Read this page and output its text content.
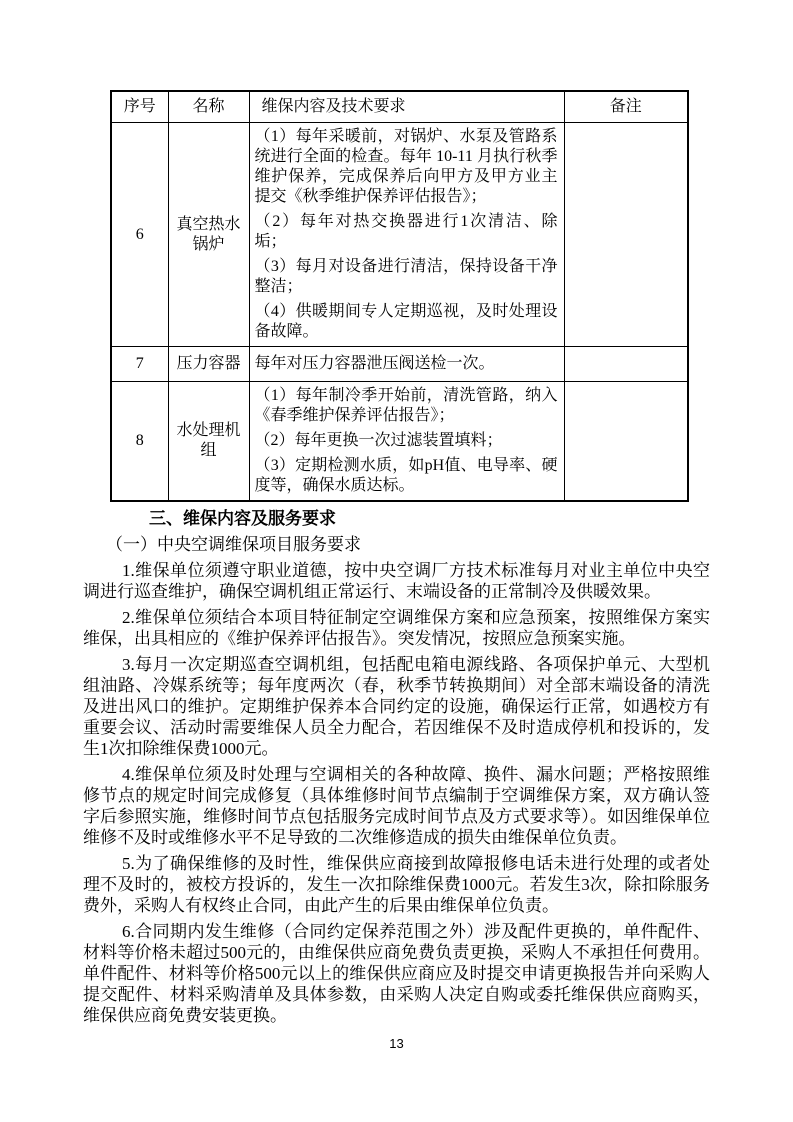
序号	名称	维保内容及技术要求	备注
6	真空热水锅炉	（1）每年采暖前，对锅炉、水泵及管路系统进行全面的检查。每年 10-11 月执行秋季维护保养，完成保养后向甲方及甲方业主提交《秋季维护保养评估报告》；

（2）每年对热交换器进行1次清洁、除垢；

（3）每月对设备进行清洁，保持设备干净整洁；

（4）供暖期间专人定期巡视，及时处理设备故障。	

7	压力容器	每年对压力容器泄压阀送检一次。	

8	水处理机组	（1）每年制冷季开始前，清洗管路，纳入《春季维护保养评估报告》；

（2）每年更换一次过滤装置填料；

（3）定期检测水质，如pH值、电导率、硬度等，确保水质达标。	

三、维保内容及服务要求

（一）中央空调维保项目服务要求

1.维保单位须遵守职业道德，按中央空调厂方技术标准每月对业主单位中央空调进行巡查维护，确保空调机组正常运行、末端设备的正常制冷及供暖效果。

2.维保单位须结合本项目特征制定空调维保方案和应急预案，按照维保方案实维保，出具相应的《维护保养评估报告》。突发情况，按照应急预案实施。

3.每月一次定期巡查空调机组，包括配电箱电源线路、各项保护单元、大型机组油路、冷媒系统等；每年度两次（春，秋季节转换期间）对全部末端设备的清洗及进出风口的维护。定期维护保养本合同约定的设施，确保运行正常，如遇校方有重要会议、活动时需要维保人员全力配合，若因维保不及时造成停机和投诉的，发生1次扣除维保费1000元。

4.维保单位须及时处理与空调相关的各种故障、换件、漏水问题；严格按照维修节点的规定时间完成修复（具体维修时间节点编制于空调维保方案，双方确认签字后参照实施，维修时间节点包括服务完成时间节点及方式要求等）。如因维保单位维修不及时或维修水平不足导致的二次维修造成的损失由维保单位负责。

5.为了确保维修的及时性，维保供应商接到故障报修电话未进行处理的或者处理不及时的，被校方投诉的，发生一次扣除维保费1000元。若发生3次，除扣除服务费外，采购人有权终止合同，由此产生的后果由维保单位负责。

6.合同期内发生维修（合同约定保养范围之外）涉及配件更换的，单件配件、材料等价格未超过500元的，由维保供应商免费负责更换，采购人不承担任何费用。单件配件、材料等价格500元以上的维保供应商应及时提交申请更换报告并向采购人提交配件、材料采购清单及具体参数，由采购人决定自购或委托维保供应商购买，维保供应商免费安装更换。

13
